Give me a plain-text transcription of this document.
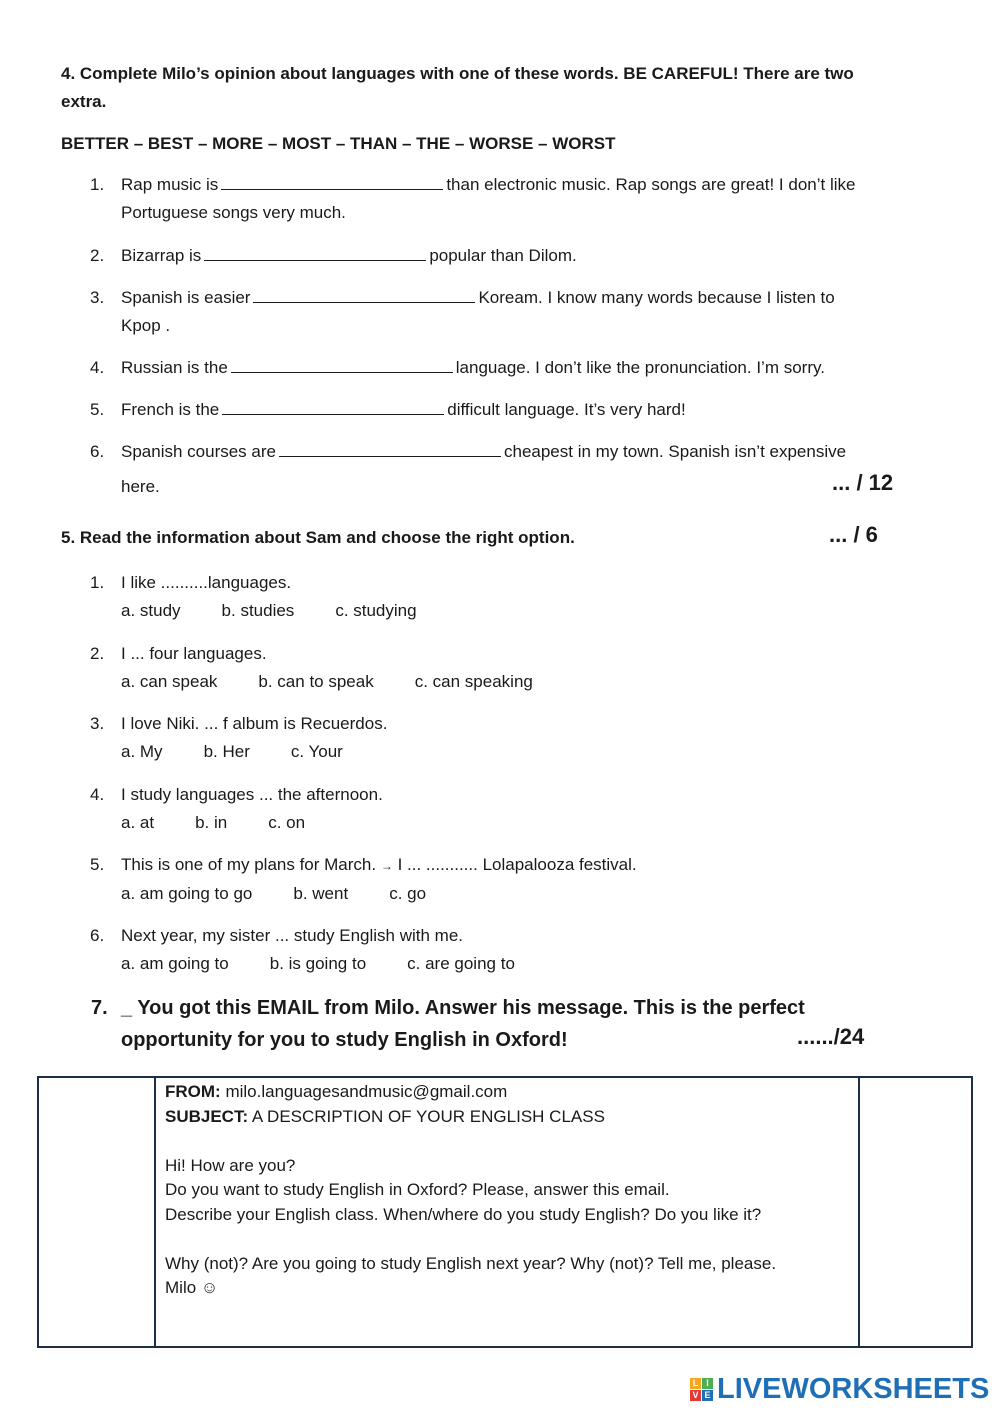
4. Complete Milo’s opinion about languages with one of these words. BE CAREFUL! There are two
extra.
BETTER – BEST – MORE – MOST – THAN – THE – WORSE – WORST
1. Rap music is	than electronic music. Rap songs are great! I don’t like
Portuguese songs very much.
2. Bizarrap is	popular than Dilom.
3. Spanish is easier	Koream. I know many words because I listen to
Kpop .
4. Russian is the	language. I don’t like the pronunciation. I’m sorry.
5. French is the	difficult language. It’s very hard!
6. Spanish courses are	cheapest in my town. Spanish isn’t expensive
here.	... / 12
5. Read the information about Sam and choose the right option.	... / 6
1. I like ..........languages.
a. study b. studies c. studying
2. I ... four languages.
a. can speak b. can to speak c. can speaking
3. I love Niki. ... f album is Recuerdos.
a. My b. Her c. Your
4. I study languages ... the afternoon.
a. at b. in c. on
5. This is one of my plans for March. → I ... ........... Lolapalooza festival.
a. am going to go b. went c. go
6. Next year, my sister ... study English with me.
a. am going to b. is going to c. are going to
7. _ You got this EMAIL from Milo. Answer his message. This is the perfect
opportunity for you to study English in Oxford!	....../24
FROM: milo.languagesandmusic@gmail.com
SUBJECT: A DESCRIPTION OF YOUR ENGLISH CLASS
Hi! How are you?
Do you want to study English in Oxford? Please, answer this email.
Describe your English class. When/where do you study English? Do you like it?
Why (not)? Are you going to study English next year? Why (not)? Tell me, please.
Milo ☺
L I
V E LIVEWORKSHEETS
